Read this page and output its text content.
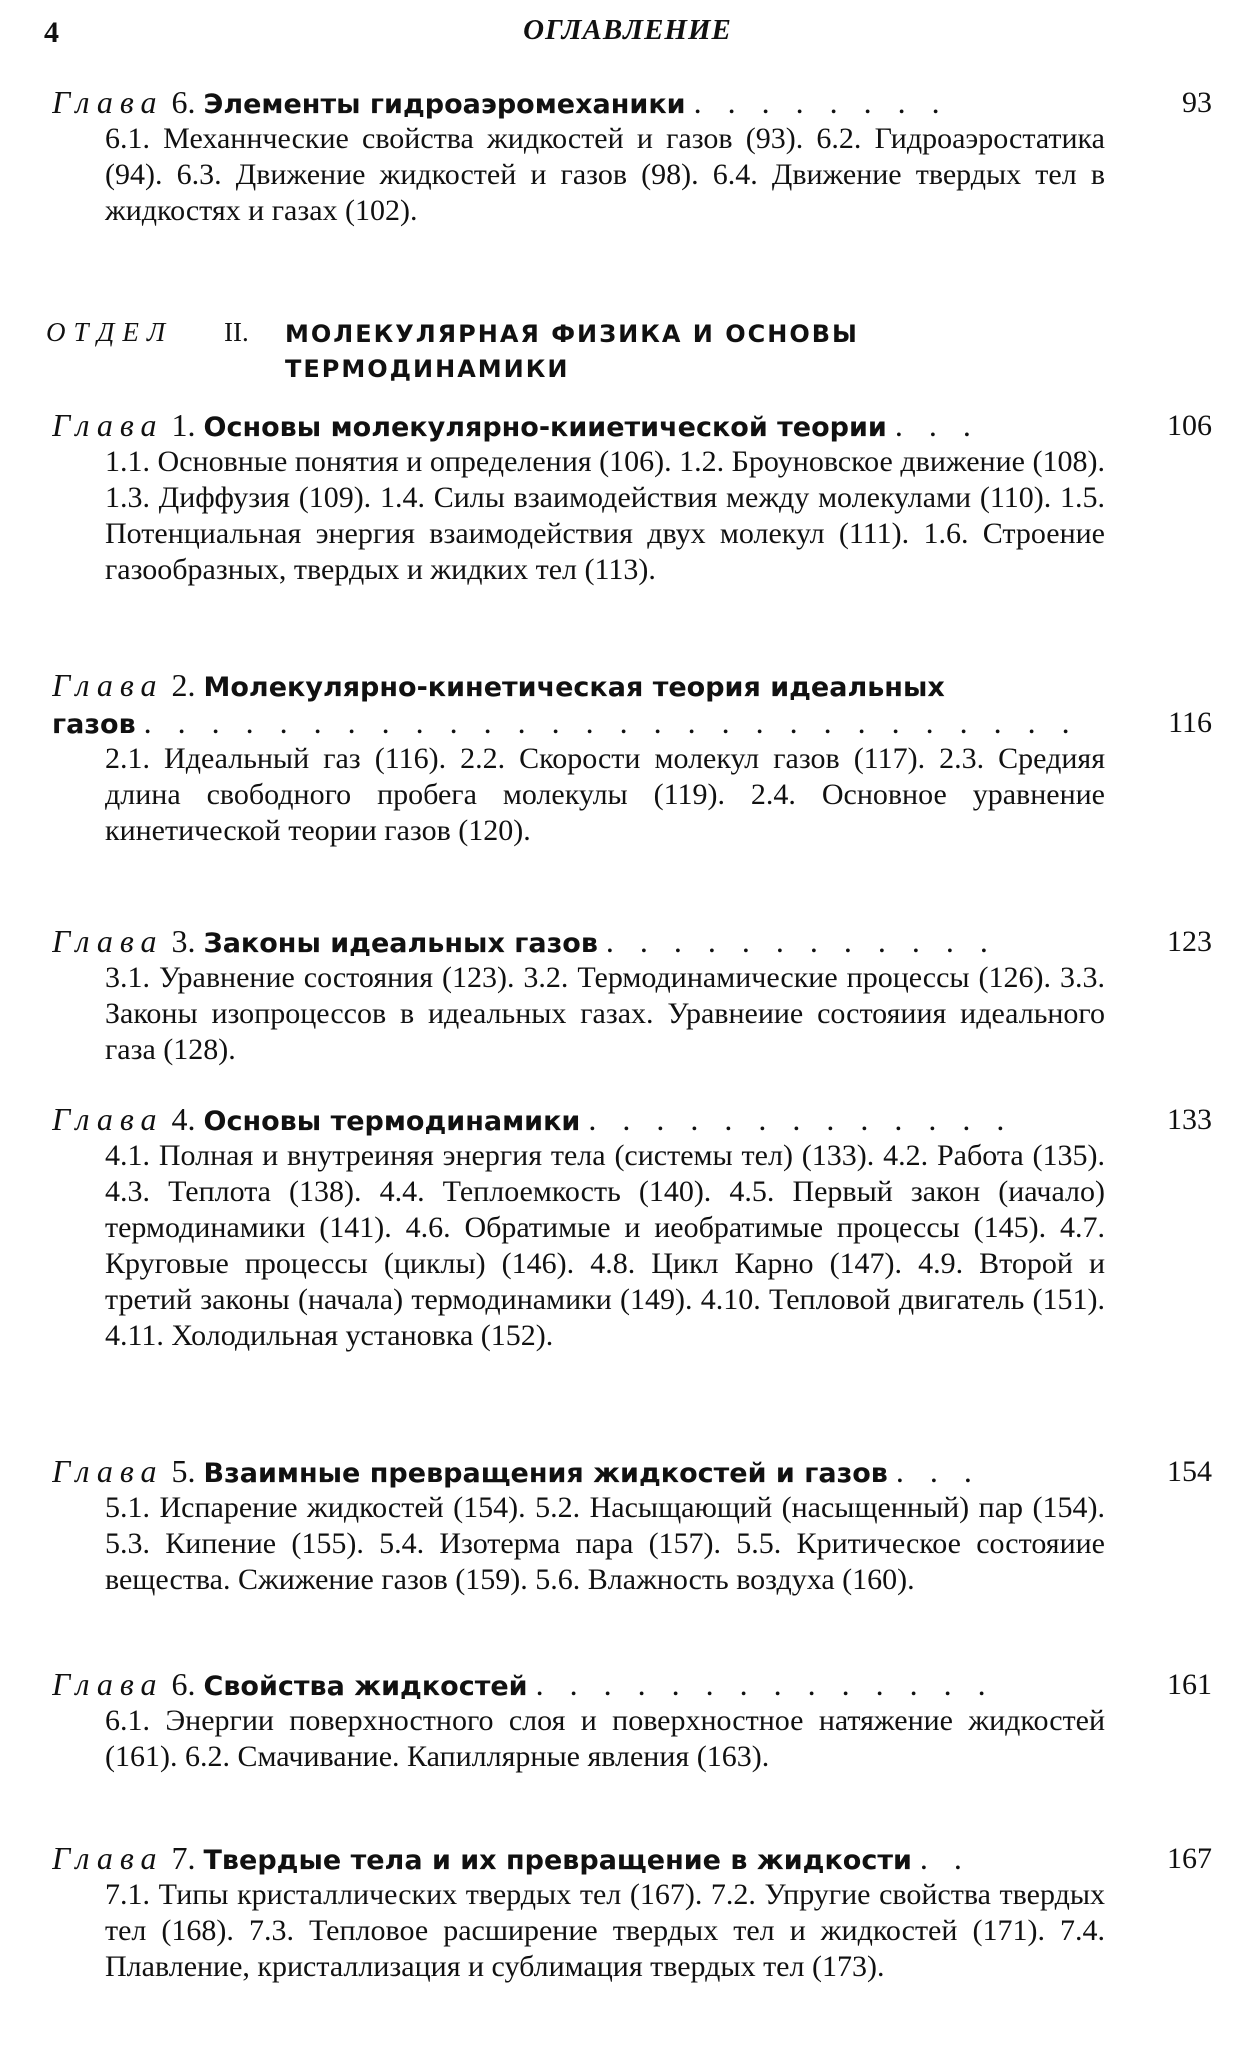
4	ОГЛАВЛЕНИЕ
Глава 6. Элементы гидроаэромеханики . . . . . . . .	93
6.1. Механнческие свойства жидкостей и газов (93). 6.2. Гидроаэростатика (94). 6.3. Движение жидкостей и газов (98). 6.4. Движение твердых тел в жидкостях и газах (102).
ОТДЕЛ II. МОЛЕКУЛЯРНАЯ ФИЗИКА И ОСНОВЫ
ТЕРМОДИНАМИКИ
Глава 1. Основы молекулярно-кииетической теории . . .	106
1.1. Основные понятия и определения (106). 1.2. Броуновское движение (108). 1.3. Диффузия (109). 1.4. Силы взаимодействия между молекулами (110). 1.5. Потенциальная энергия взаимодействия двух молекул (111). 1.6. Строение газообразных, твердых и жидких тел (113).
Глава 2. Молекулярно-кинетическая теория идеальных
газов . . . . . . . . . . . . . . . . . . . . . . . . . . . .	116
2.1. Идеальный газ (116). 2.2. Скорости молекул газов (117). 2.3. Средияя длина свободного пробега молекулы (119). 2.4. Основное уравнение кинетической теории газов (120).
Глава 3. Законы идеальных газов . . . . . . . . . . . .	123
3.1. Уравнение состояния (123). 3.2. Термодинамические процессы (126). 3.3. Законы изопроцессов в идеальных газах. Уравнеиие состояиия идеального газа (128).
Глава 4. Основы термодинамики . . . . . . . . . . . . .	133
4.1. Полная и внутреиняя энергия тела (системы тел) (133). 4.2. Работа (135). 4.3. Теплота (138). 4.4. Теплоемкость (140). 4.5. Первый закон (иачало) термодинамики (141). 4.6. Обратимые и иеобратимые процессы (145). 4.7. Круговые процессы (циклы) (146). 4.8. Цикл Карно (147). 4.9. Второй и третий законы (начала) термодинамики (149). 4.10. Тепловой двигатель (151). 4.11. Холодильная установка (152).
Глава 5. Взаимные превращения жидкостей и газов . . .	154
5.1. Испарение жидкостей (154). 5.2. Насыщающий (насыщенный) пар (154). 5.3. Кипение (155). 5.4. Изотерма пара (157). 5.5. Критическое состояиие вещества. Сжижение газов (159). 5.6. Влажность воздуха (160).
Глава 6. Свойства жидкостей . . . . . . . . . . . . . .	161
6.1. Энергии поверхностного слоя и поверхностное натяжение жидкостей (161). 6.2. Смачивание. Капиллярные явления (163).
Глава 7. Твердые тела и их превращение в жидкости . .	167
7.1. Типы кристаллических твердых тел (167). 7.2. Упругие свойства твердых тел (168). 7.3. Тепловое расширение твердых тел и жидкостей (171). 7.4. Плавление, кристаллизация и сублимация твердых тел (173).
